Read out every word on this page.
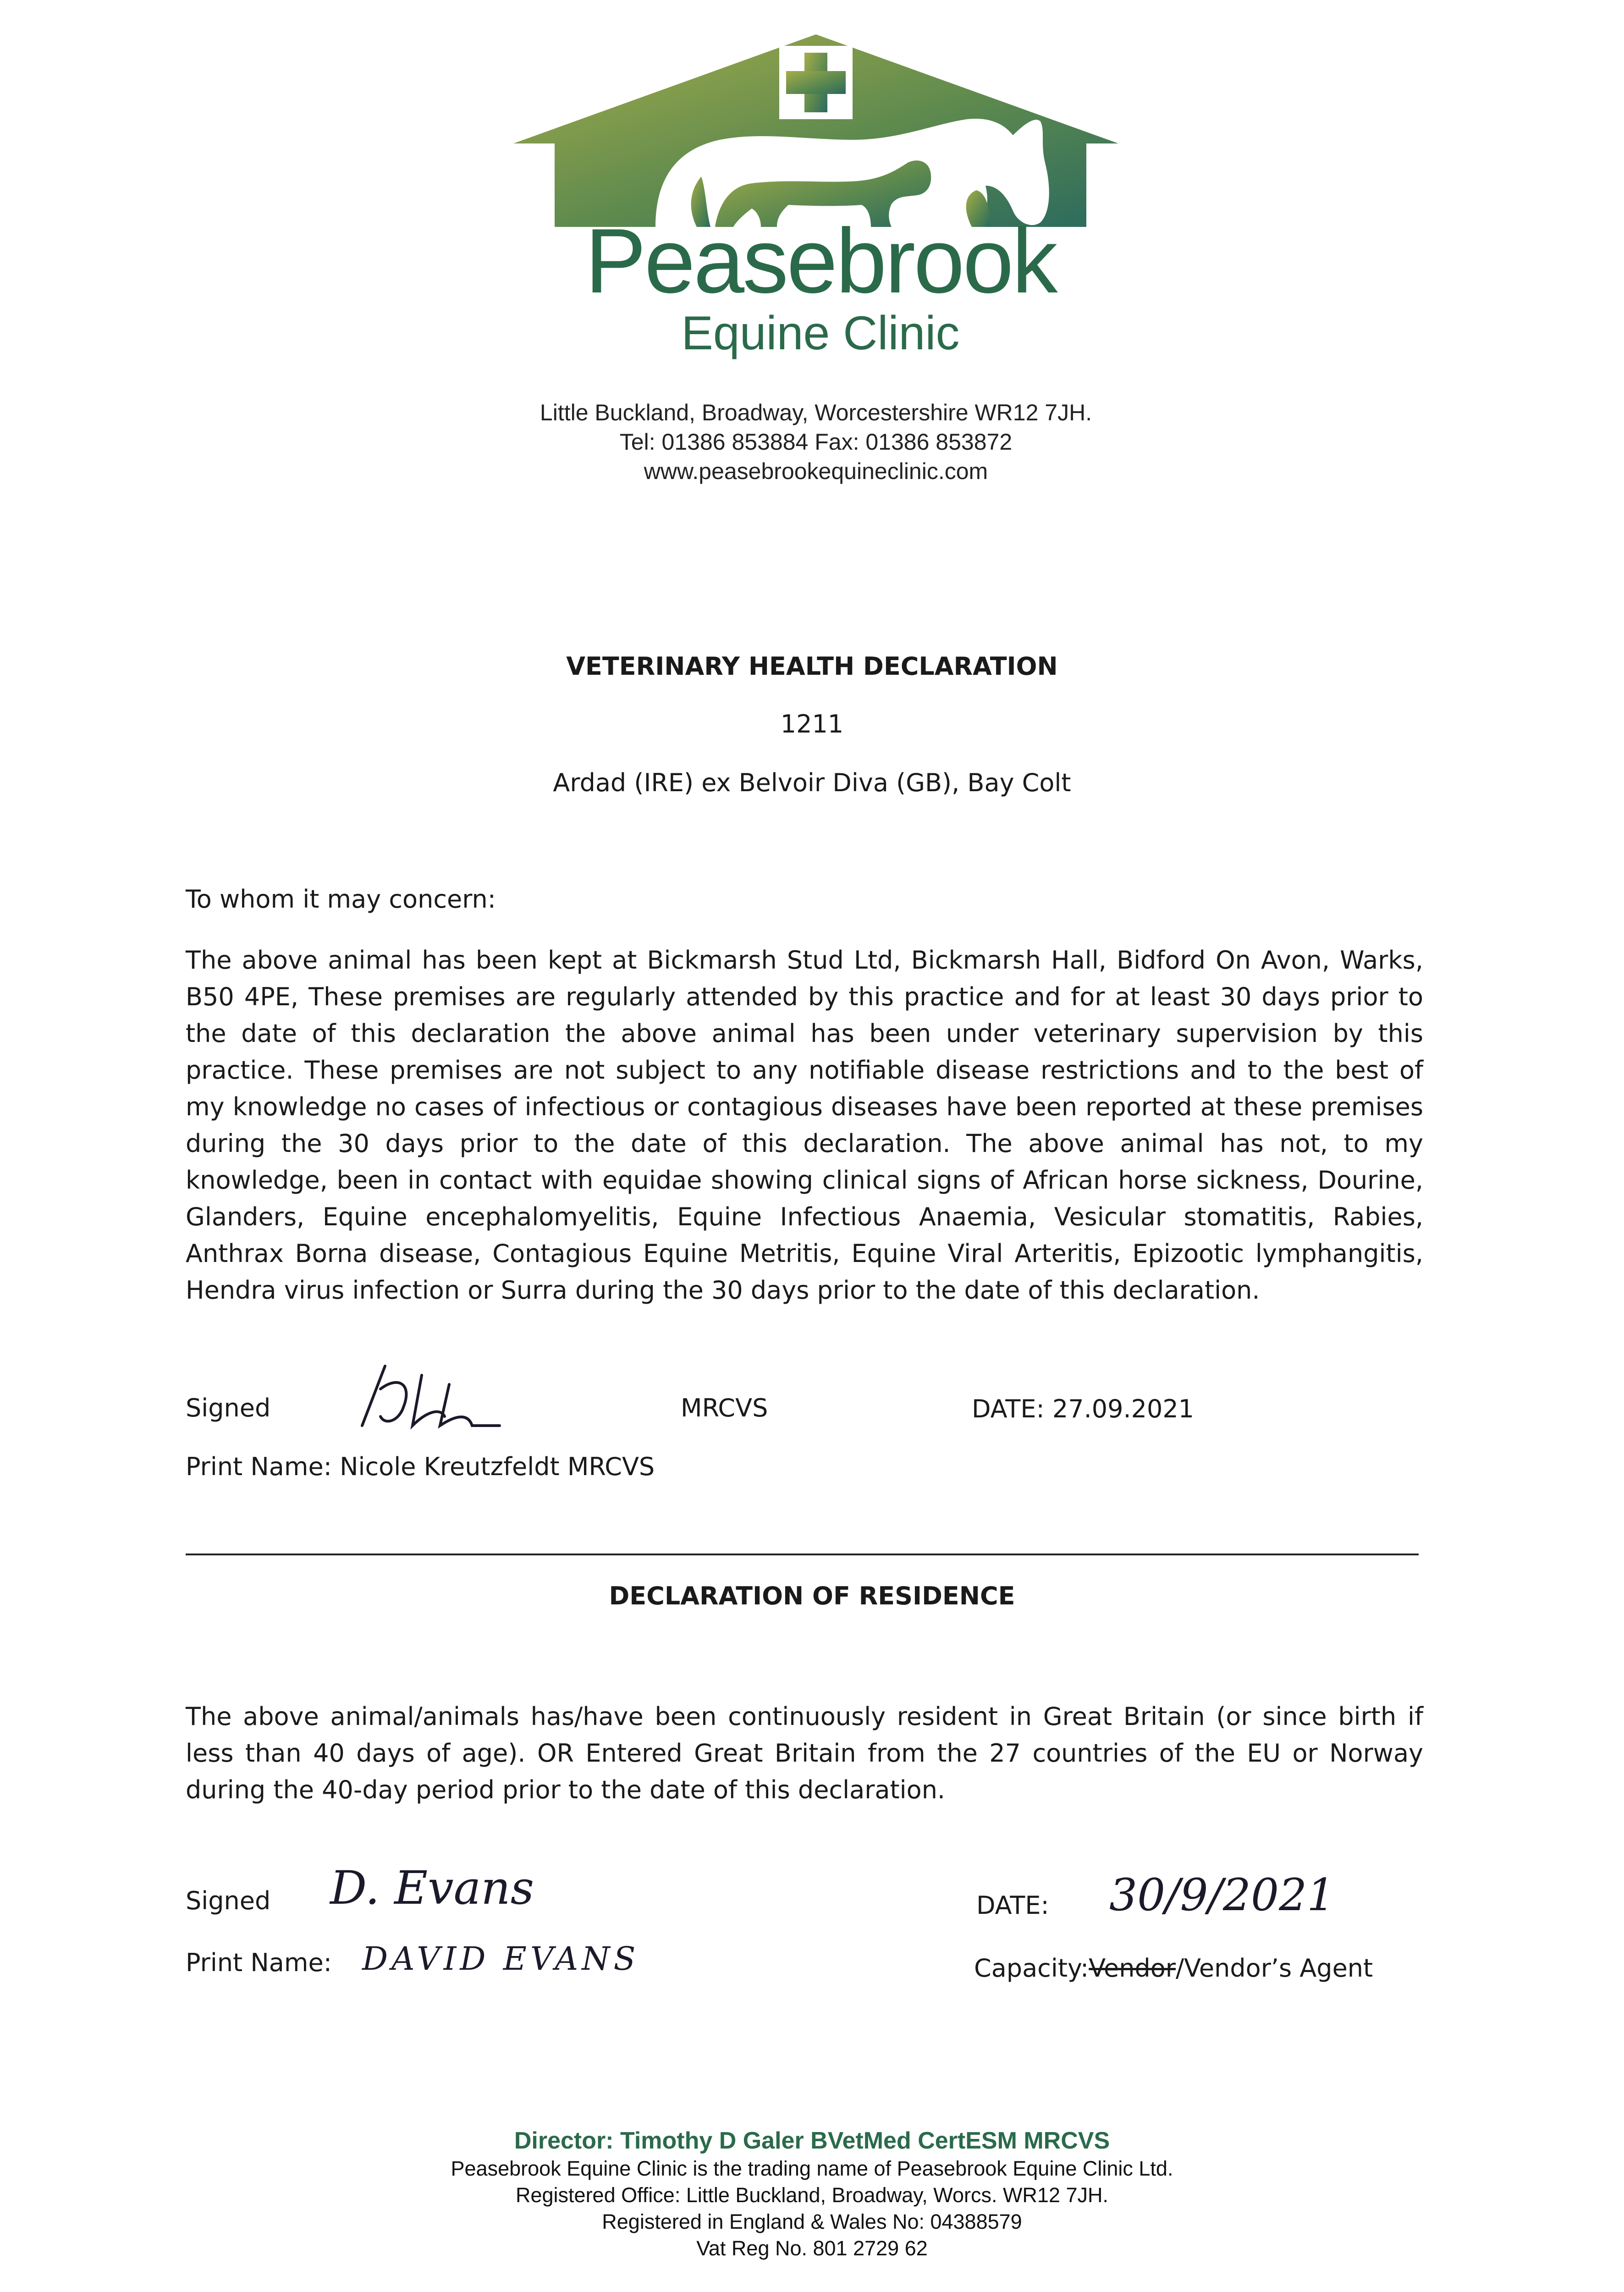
Peasebrook
Equine Clinic
Little Buckland, Broadway, Worcestershire WR12 7JH.
Tel: 01386 853884 Fax: 01386 853872
www.peasebrookequineclinic.com
VETERINARY HEALTH DECLARATION
1211
Ardad (IRE) ex Belvoir Diva (GB), Bay Colt
To whom it may concern:
The above animal has been kept at Bickmarsh Stud Ltd, Bickmarsh Hall, Bidford On Avon, Warks, B50 4PE, These premises are regularly attended by this practice and for at least 30 days prior to the date of this declaration the above animal has been under veterinary supervision by this practice. These premises are not subject to any notifiable disease restrictions and to the best of my knowledge no cases of infectious or contagious diseases have been reported at these premises during the 30 days prior to the date of this declaration. The above animal has not, to my knowledge, been in contact with equidae showing clinical signs of African horse sickness, Dourine, Glanders, Equine encephalomyelitis, Equine Infectious Anaemia, Vesicular stomatitis, Rabies, Anthrax Borna disease, Contagious Equine Metritis, Equine Viral Arteritis, Epizootic lymphangitis, Hendra virus infection or Surra during the 30 days prior to the date of this declaration.
Signed	MRCVS	DATE: 27.09.2021
Print Name: Nicole Kreutzfeldt MRCVS
DECLARATION OF RESIDENCE
The above animal/animals has/have been continuously resident in Great Britain (or since birth if less than 40 days of age). OR Entered Great Britain from the 27 countries of the EU or Norway during the 40-day period prior to the date of this declaration.
Signed D. Evans	DATE: 30/9/2021
Print Name: DAVID EVANS	Capacity:Vendor/Vendor’s Agent
Director: Timothy D Galer BVetMed CertESM MRCVS
Peasebrook Equine Clinic is the trading name of Peasebrook Equine Clinic Ltd.
Registered Office: Little Buckland, Broadway, Worcs. WR12 7JH.
Registered in England & Wales No: 04388579
Vat Reg No. 801 2729 62
